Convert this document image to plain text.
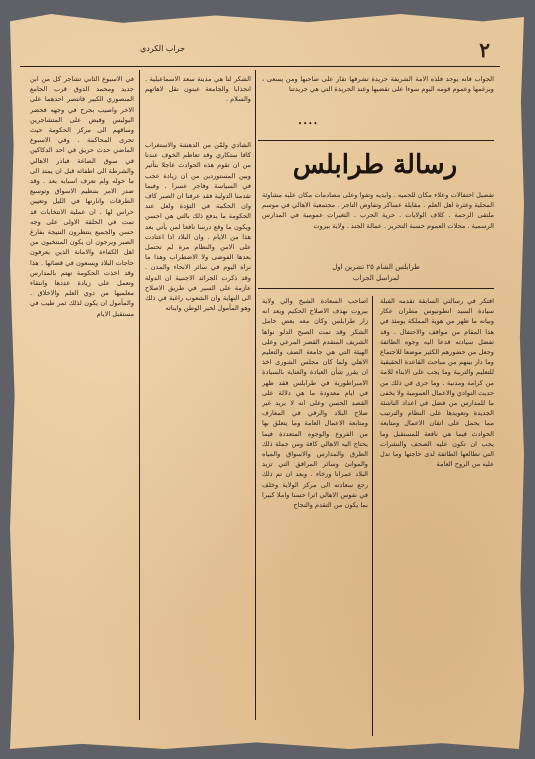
٢
جراب الكردي

الجواب فانه يوجد فلذه الامة الشريفة جريدة تشرفها تقار على صاحبها ومن يسعى ، ويرغمها وعموم قومه اليوم سوءا على تقضيها وعند الجريدة التي هي جريدتنا

الشكر لنا هي مدينة سعد الاسماعيلية . انجذابا والجامعة عيتون نقل لاهاتهم والسلام .

••••
رسالة طرابلس

تفصيل احتفالات وعلاء مكان للحميه . وايديه وتفوا وعلى مصادمات مكان عليه مشاوئة المحلية وعثرة اهل العلم . مقابلة عساكر وتفاوض التاجر . مجتمعية الاهالي في موسم ملتقى الرحمة . كلاف الولايات . حرية الحرب . التغيرات عمومية في المدارس الرسمية . محلات العموم حسبة التحرير . عمالة الجند . ولاية بيروت

طرابلس الشام ٢٥ تشرين اول
لمراسل الجراب

افتكر في رسالتي السابقة تقدمه القبلة سيادة السيد انطونيوس مطران عكار وبيانه ما ظهر من هوية المملكة يومئذ في هذا المقام من مواقف والاحتفال . وقد تفضل سيادته فدعا اليه وجوه الطائفة وجعل من حضورهم الكثير موضعا للاجتماع وما دار بينهم من مباحث القاعدة الحقيقية للتعليم والتربية وما يجب على الابناء للامة من كرامة ومدنية . وما جرى في ذلك من حديث النوادي والاعمال العمومية ولا يخفى ما للمدارس من فضل في اعداد الناشئة الجديدة وتعويدها على النظام والترتيب مما يحمل على اتقان الاعمال ومتابعة الحوادث فيما هي نافعة للمستقبل وما يجب ان تكون عليه الصحف والنشرات التي تطالعها الطائفة لدى حاجتها وما تدل عليه من الروح العامة

اصاحب السعادة الشيخ والي ولاية بيروت بهدف الاصلاح الحكيم ويعد انه زار طرابلس وكان معه بعض حامل الشكر وقد تمت الصبح الدلو نواها الشريف المتقدم القصر المرعي وعلى الهيئة التي هي جامعة الصف والتعليم الاهلي ولما كان مجلس الشورى اخذ ان يقرر شأن العبادة والعناية بالسيادة الامبراطورية في طرابلس فقد ظهر في ايام معدودة ما هي دلالة على القصد الحسن وعلى انه لا يريد غير صلاح البلاد والرقي في المعارف ومتابعة الاعمال العامة وما يتعلق بها من الفروع والوجوه المتعددة فيما يحتاج اليه الاهالي كافة ومن جملة ذلك الطرق والمدارس والاسواق والمياه والموانئ وسائر المرافق التي تزيد البلاد عمرانا ورخاء . وبعد ان تم ذلك رجع سعادته الى مركز الولاية وخلف في نفوس الاهالي اثرا حسنا واملا كبيرا بما يكون من التقدم والنجاح

الشادي ولمّن من الدهشة والاستغراب كافا ستكاري وقد تعاظم الخوف عندنا من ان تقوم هذه الحوادث عاجلا بتأثير وبين المستوردين من ان زيادة عجب في السياسة وفاجر عسرا . وفيما تقدمنا الدولية فقد عرفنا ان الصبر كاف وان الحكمة في التؤدة ولعل عند الحكومة ما يدفع ذلك بالتي هي احسن ويكون ما وقع درسا نافعا لمن يأتي بعد هذا من الايام . وان البلاد اذا اعتادت على الامن والنظام مرة لم تحتمل بعدها الفوضى ولا الاضطراب وهذا ما نراه اليوم في سائر الانحاء والمدن . وقد ذكرت الجرائد الاجنبية ان الدولة عازمة على السير في طريق الاصلاح الى النهاية وان الشعوب راغبة في ذلك وهو المأمول لخير الوطن وابنائه

في الاسبوع الثاني تشاجر كل من ابن جديد ومحمد الدوق قرب الجامع المنصوري الكبير فانتصر احدهما على الاخر واصيب بجرح في وجهه فحضر البوليس وقبض على المتشاجرين وساقهم الى مركز الحكومة حيث تجرى المحاكمة . وفي الاسبوع الماضي حدث حريق في احد الدكاكين في سوق الصاغة فبادر الاهالي والشرطة الى اطفائه قبل ان يمتد الى ما حوله ولم تعرف اسبابه بعد . وقد صدر الامر بتنظيم الاسواق وتوسيع الطرقات وانارتها في الليل وتعيين حراس لها . ان عملية الانتخابات قد تمت في الحلقة الاولى على وجه حسن والجميع ينتظرون النتيجة بفارغ الصبر ويرجون ان يكون المنتخبون من اهل الكفاءة والامانة الذين يعرفون حاجات البلاد ويسعون في قضائها . هذا وقد اخذت الحكومة تهتم بالمدارس وتعمل على زيادة عددها وانتقاء معلميها من ذوي العلم والاخلاق . والمأمول ان يكون لذلك ثمر طيب في مستقبل الايام
